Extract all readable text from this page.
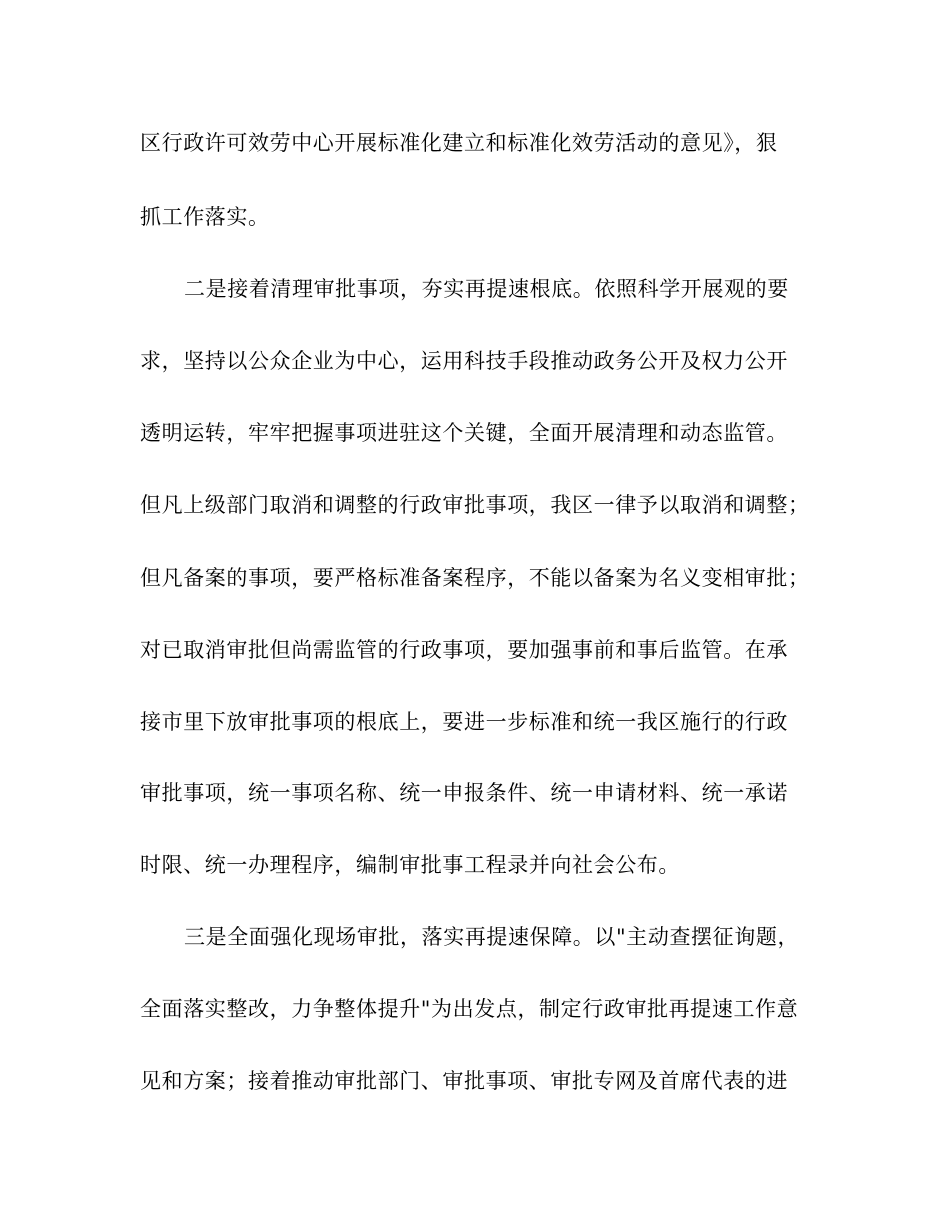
区行政许可效劳中心开展标准化建立和标准化效劳活动的意见》，狠
抓工作落实。
二是接着清理审批事项，夯实再提速根底。依照科学开展观的要
求，坚持以公众企业为中心，运用科技手段推动政务公开及权力公开
透明运转，牢牢把握事项进驻这个关键，全面开展清理和动态监管。
但凡上级部门取消和调整的行政审批事项，我区一律予以取消和调整；
但凡备案的事项，要严格标准备案程序，不能以备案为名义变相审批；
对已取消审批但尚需监管的行政事项，要加强事前和事后监管。在承
接市里下放审批事项的根底上，要进一步标准和统一我区施行的行政
审批事项，统一事项名称、统一申报条件、统一申请材料、统一承诺
时限、统一办理程序，编制审批事工程录并向社会公布。
三是全面强化现场审批，落实再提速保障。以"主动查摆征询题，
全面落实整改，力争整体提升"为出发点，制定行政审批再提速工作意
见和方案；接着推动审批部门、审批事项、审批专网及首席代表的进
